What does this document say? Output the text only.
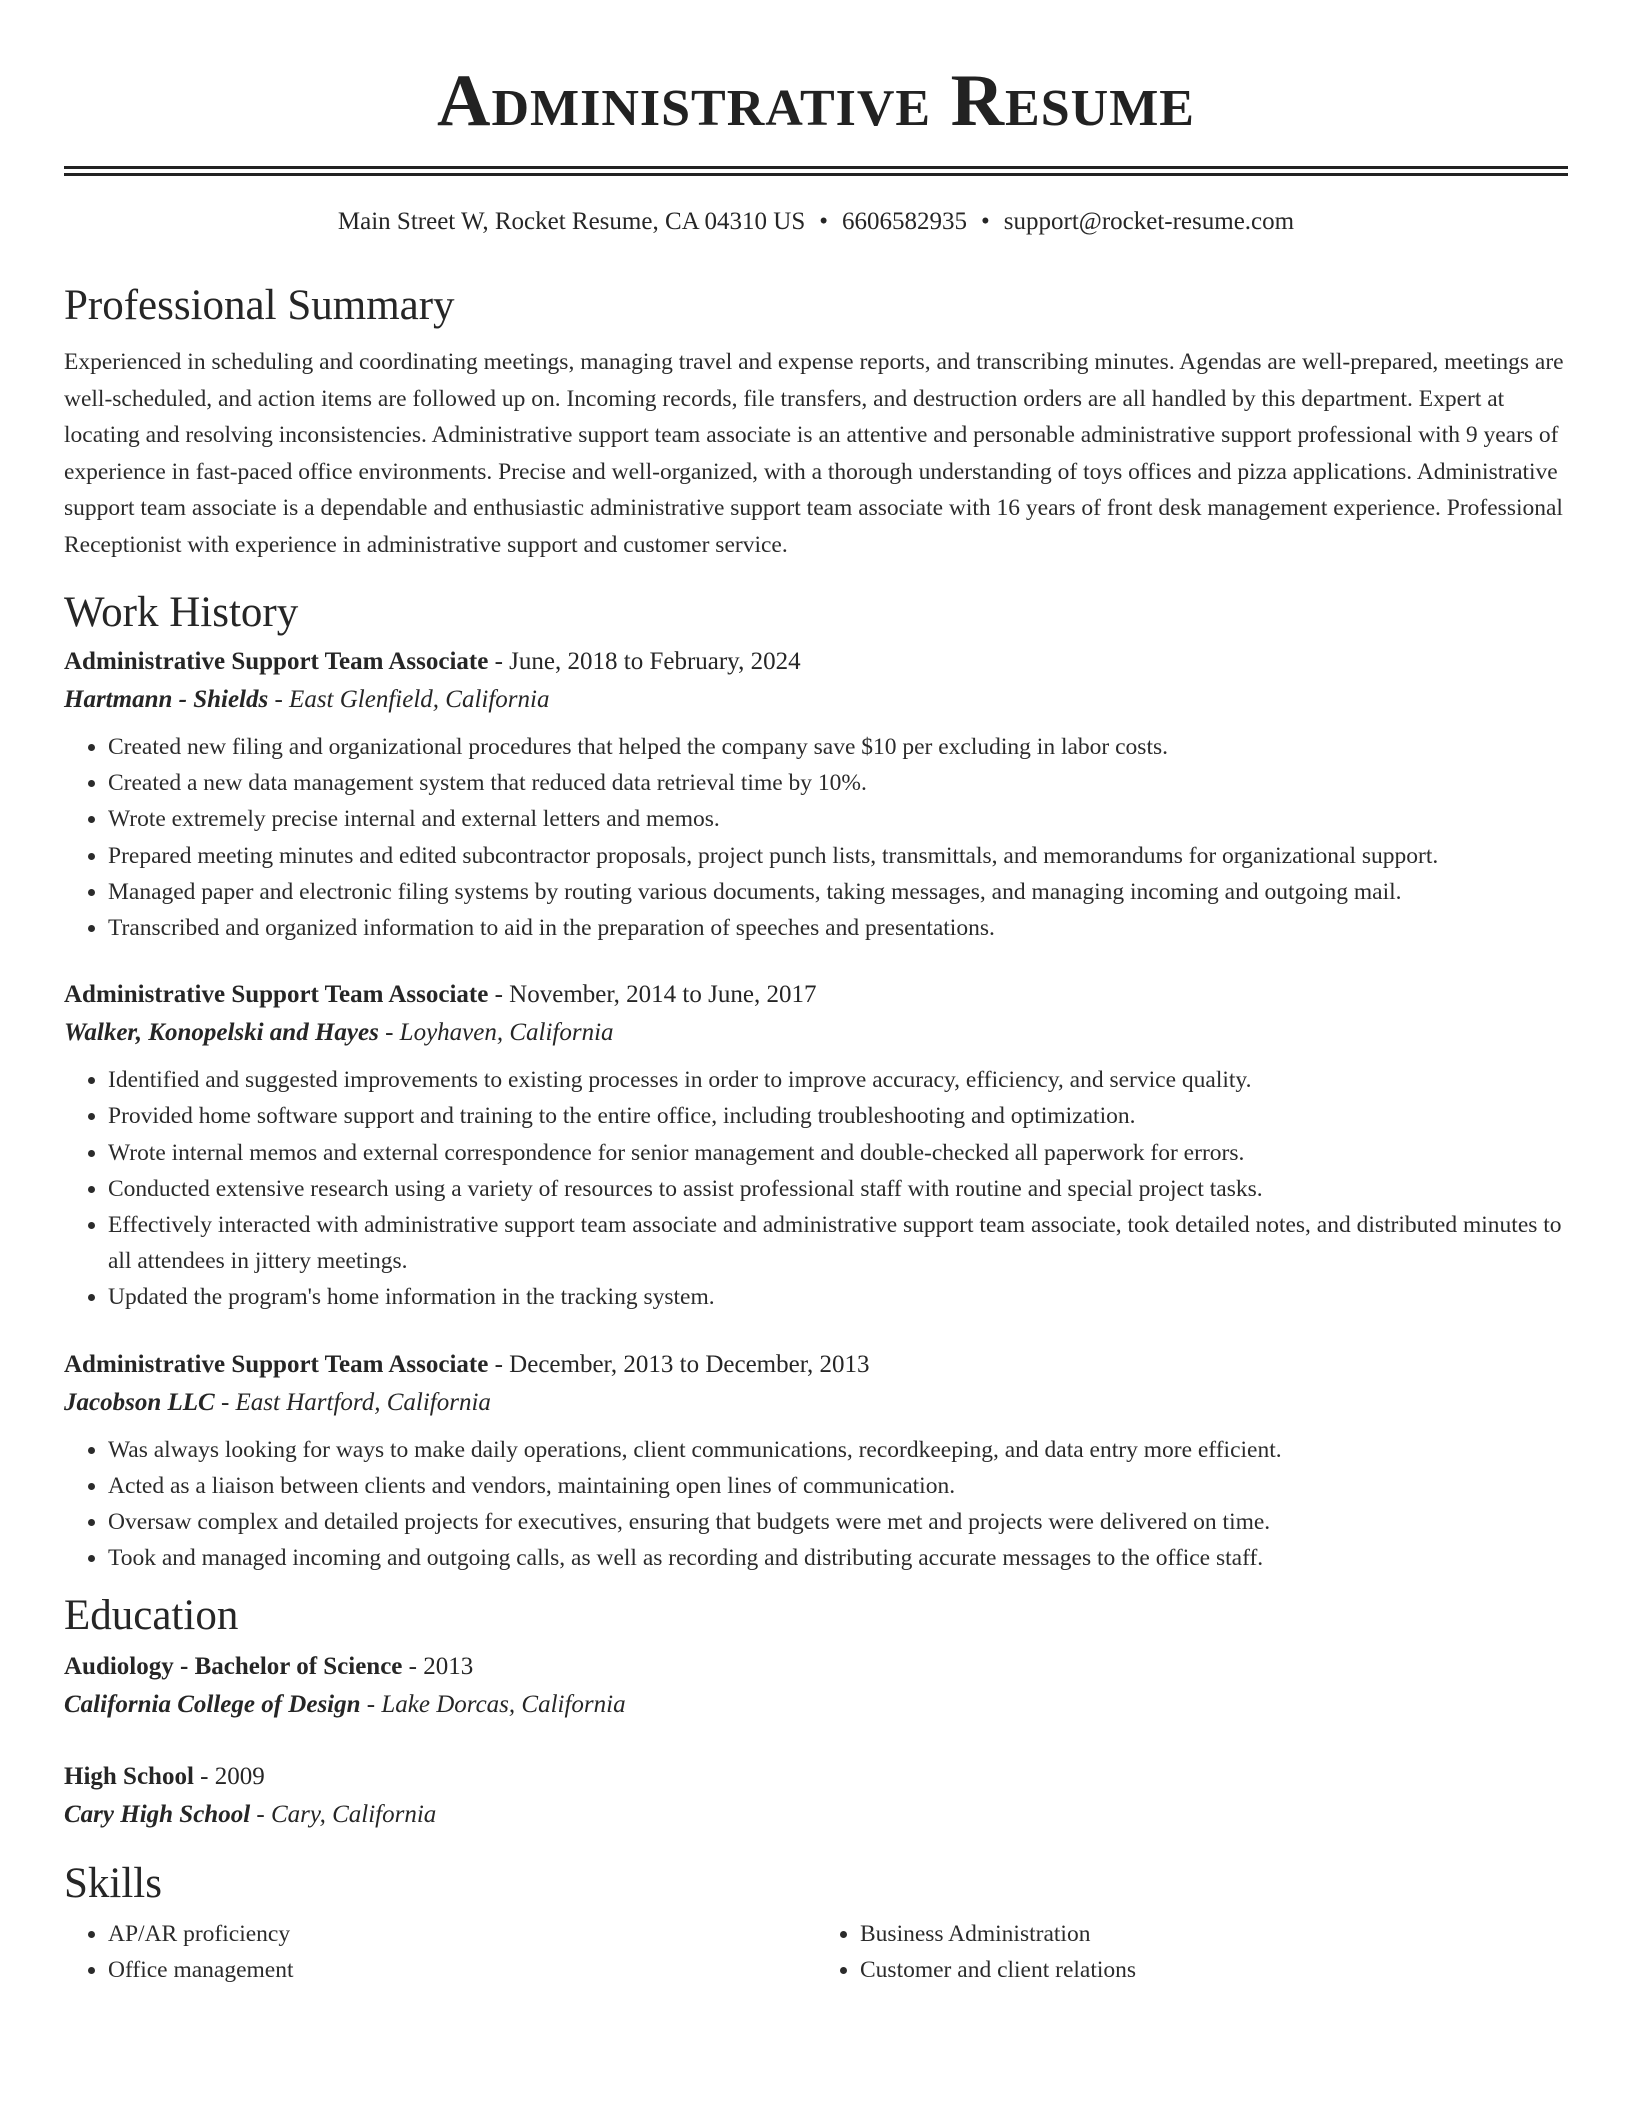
Administrative Resume
Main Street W, Rocket Resume, CA 04310 US • 6606582935 • support@rocket-resume.com
Professional Summary

Experienced in scheduling and coordinating meetings, managing travel and expense reports, and transcribing minutes. Agendas are well-prepared, meetings are well-scheduled, and action items are followed up on. Incoming records, file transfers, and destruction orders are all handled by this department. Expert at locating and resolving inconsistencies. Administrative support team associate is an attentive and personable administrative support professional with 9 years of experience in fast-paced office environments. Precise and well-organized, with a thorough understanding of toys offices and pizza applications. Administrative support team associate is a dependable and enthusiastic administrative support team associate with 16 years of front desk management experience. Professional Receptionist with experience in administrative support and customer service.

Work History
Administrative Support Team Associate - June, 2018 to February, 2024
Hartmann - Shields - East Glenfield, California
• Created new filing and organizational procedures that helped the company save $10 per excluding in labor costs.
• Created a new data management system that reduced data retrieval time by 10%.
• Wrote extremely precise internal and external letters and memos.
• Prepared meeting minutes and edited subcontractor proposals, project punch lists, transmittals, and memorandums for organizational support.
• Managed paper and electronic filing systems by routing various documents, taking messages, and managing incoming and outgoing mail.
• Transcribed and organized information to aid in the preparation of speeches and presentations.
Administrative Support Team Associate - November, 2014 to June, 2017
Walker, Konopelski and Hayes - Loyhaven, California
• Identified and suggested improvements to existing processes in order to improve accuracy, efficiency, and service quality.
• Provided home software support and training to the entire office, including troubleshooting and optimization.
• Wrote internal memos and external correspondence for senior management and double-checked all paperwork for errors.
• Conducted extensive research using a variety of resources to assist professional staff with routine and special project tasks.
• Effectively interacted with administrative support team associate and administrative support team associate, took detailed notes, and distributed minutes to all attendees in jittery meetings.
• Updated the program's home information in the tracking system.
Administrative Support Team Associate - December, 2013 to December, 2013
Jacobson LLC - East Hartford, California
• Was always looking for ways to make daily operations, client communications, recordkeeping, and data entry more efficient.
• Acted as a liaison between clients and vendors, maintaining open lines of communication.
• Oversaw complex and detailed projects for executives, ensuring that budgets were met and projects were delivered on time.
• Took and managed incoming and outgoing calls, as well as recording and distributing accurate messages to the office staff.
Education
Audiology - Bachelor of Science - 2013
California College of Design - Lake Dorcas, California
High School - 2009
Cary High School - Cary, California
Skills
• AP/AR proficiency
• Office management
• Business Administration
• Customer and client relations
